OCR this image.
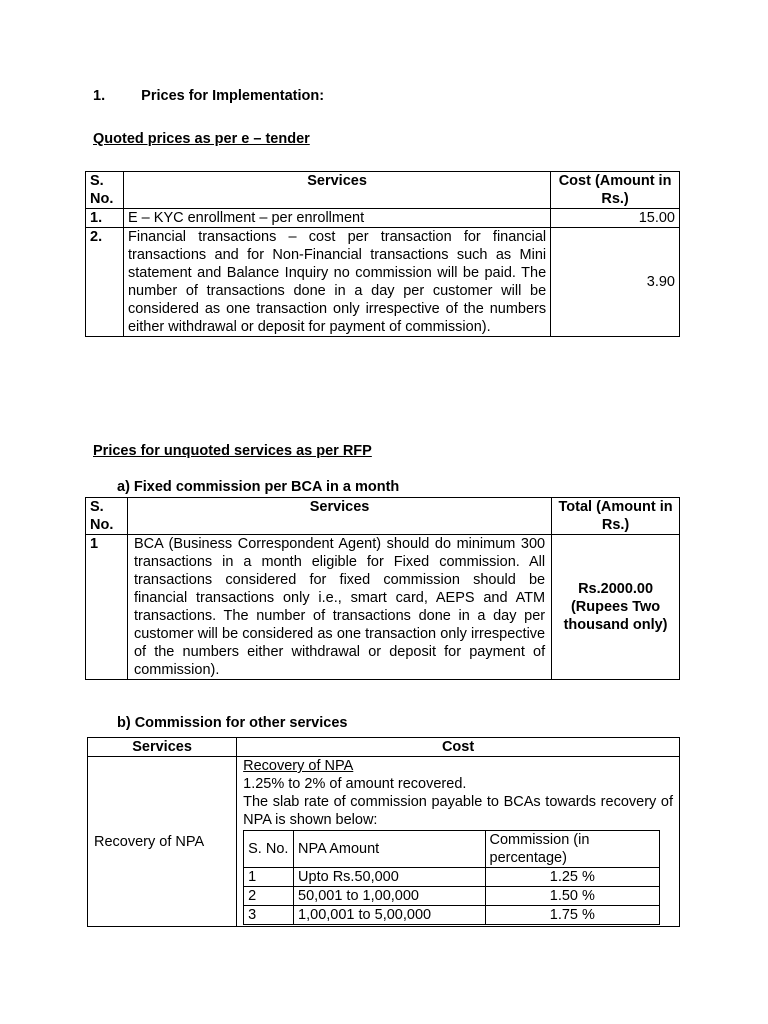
1. Prices for Implementation:
Quoted prices as per e – tender
S. No.	Services	Cost (Amount in Rs.)
1.	E – KYC enrollment – per enrollment	15.00
2.	Financial transactions – cost per transaction for financial transactions and for Non-Financial transactions such as Mini statement and Balance Inquiry no commission will be paid. The number of transactions done in a day per customer will be considered as one transaction only irrespective of the numbers either withdrawal or deposit for payment of commission).	3.90
Prices for unquoted services as per RFP
a) Fixed commission per BCA in a month
S. No.	Services	Total (Amount in Rs.)
1	BCA (Business Correspondent Agent) should do minimum 300 transactions in a month eligible for Fixed commission. All transactions considered for fixed commission should be financial transactions only i.e., smart card, AEPS and ATM transactions. The number of transactions done in a day per customer will be considered as one transaction only irrespective of the numbers either withdrawal or deposit for payment of commission).	Rs.2000.00
(Rupees Two thousand only)
b) Commission for other services
Services	Cost
Recovery of NPA	
Recovery of NPA
1.25% to 2% of amount recovered.
The slab rate of commission payable to BCAs towards recovery of NPA is shown below:
S. No.	NPA Amount	Commission (in percentage)
1	Upto Rs.50,000	1.25 %
2	50,001 to 1,00,000	1.50 %
3	1,00,001 to 5,00,000	1.75 %
